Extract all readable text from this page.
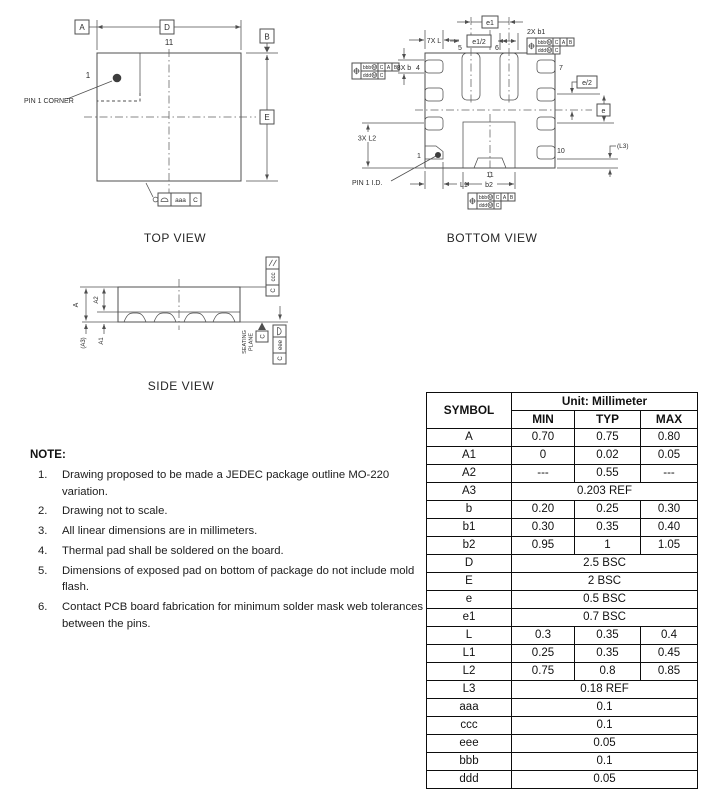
1
PIN 1 CORNER
11
A	D
B
E
aaa C
TOP VIEW
e1
e1/2
2X b1
7X L	bbb M C A B
ddd M C
bbb M C A B
ddd M C
8X b 4
5	6
7
10
1
e/2
e
(L3)
3X L2
PIN 1 I.D.	L1 b2
11
bbb M C A B
ddd M C
BOTTOM VIEW
A
A2
(A3) A1
ccc
C
C
SEATING PLANE	eee
C
SIDE VIEW
NOTE:
1.	Drawing proposed to be made a JEDEC package outline MO-220 variation.
2.	Drawing not to scale.
3.	All linear dimensions are in millimeters.
4.	Thermal pad shall be soldered on the board.
5.	Dimensions of exposed pad on bottom of package do not include mold flash.
6.	Contact PCB board fabrication for minimum solder mask web tolerances between the pins.
SYMBOL	Unit: Millimeter		
	MIN	TYP	MAX
A	0.70	0.75	0.80
A1	0	0.02	0.05
A2	---	0.55	---
A3	0.203 REF		
b	0.20	0.25	0.30
b1	0.30	0.35	0.40
b2	0.95	1	1.05
D	2.5 BSC		
E	2 BSC		
e	0.5 BSC		
e1	0.7 BSC		
L	0.3	0.35	0.4
L1	0.25	0.35	0.45
L2	0.75	0.8	0.85
L3	0.18 REF		
aaa	0.1		
ccc	0.1		
eee	0.05		
bbb	0.1		
ddd	0.05		
